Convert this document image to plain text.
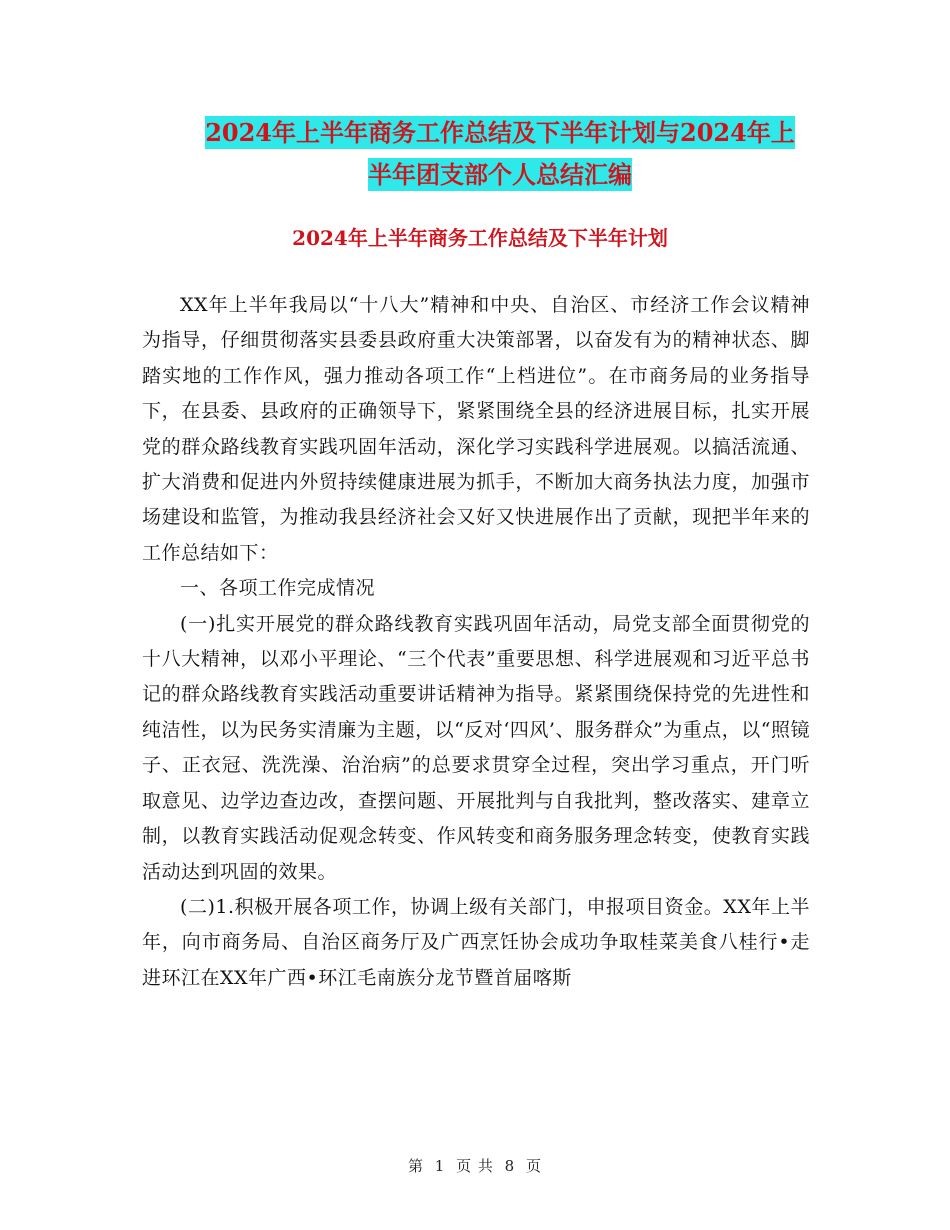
2024年上半年商务工作总结及下半年计划与2024年上
半年团支部个人总结汇编
2024年上半年商务工作总结及下半年计划

XX年上半年我局以“十八大”精神和中央、自治区、市经济工作会议精神为指导，仔细贯彻落实县委县政府重大决策部署，以奋发有为的精神状态、脚踏实地的工作作风，强力推动各项工作“上档进位”。在市商务局的业务指导下，在县委、县政府的正确领导下，紧紧围绕全县的经济进展目标，扎实开展党的群众路线教育实践巩固年活动，深化学习实践科学进展观。以搞活流通、扩大消费和促进内外贸持续健康进展为抓手，不断加大商务执法力度，加强市场建设和监管，为推动我县经济社会又好又快进展作出了贡献，现把半年来的工作总结如下：

一、各项工作完成情况

(一)扎实开展党的群众路线教育实践巩固年活动，局党支部全面贯彻党的十八大精神，以邓小平理论、“三个代表”重要思想、科学进展观和习近平总书记的群众路线教育实践活动重要讲话精神为指导。紧紧围绕保持党的先进性和纯洁性，以为民务实清廉为主题，以“反对‘四风’、服务群众”为重点，以“照镜子、正衣冠、洗洗澡、治治病”的总要求贯穿全过程，突出学习重点，开门听取意见、边学边查边改，查摆问题、开展批判与自我批判，整改落实、建章立制，以教育实践活动促观念转变、作风转变和商务服务理念转变，使教育实践活动达到巩固的效果。

(二)1.积极开展各项工作，协调上级有关部门，申报项目资金。XX年上半年，向市商务局、自治区商务厅及广西烹饪协会成功争取桂菜美食八桂行•走进环江在XX年广西•环江毛南族分龙节暨首届喀斯

第 1 页 共 8 页
